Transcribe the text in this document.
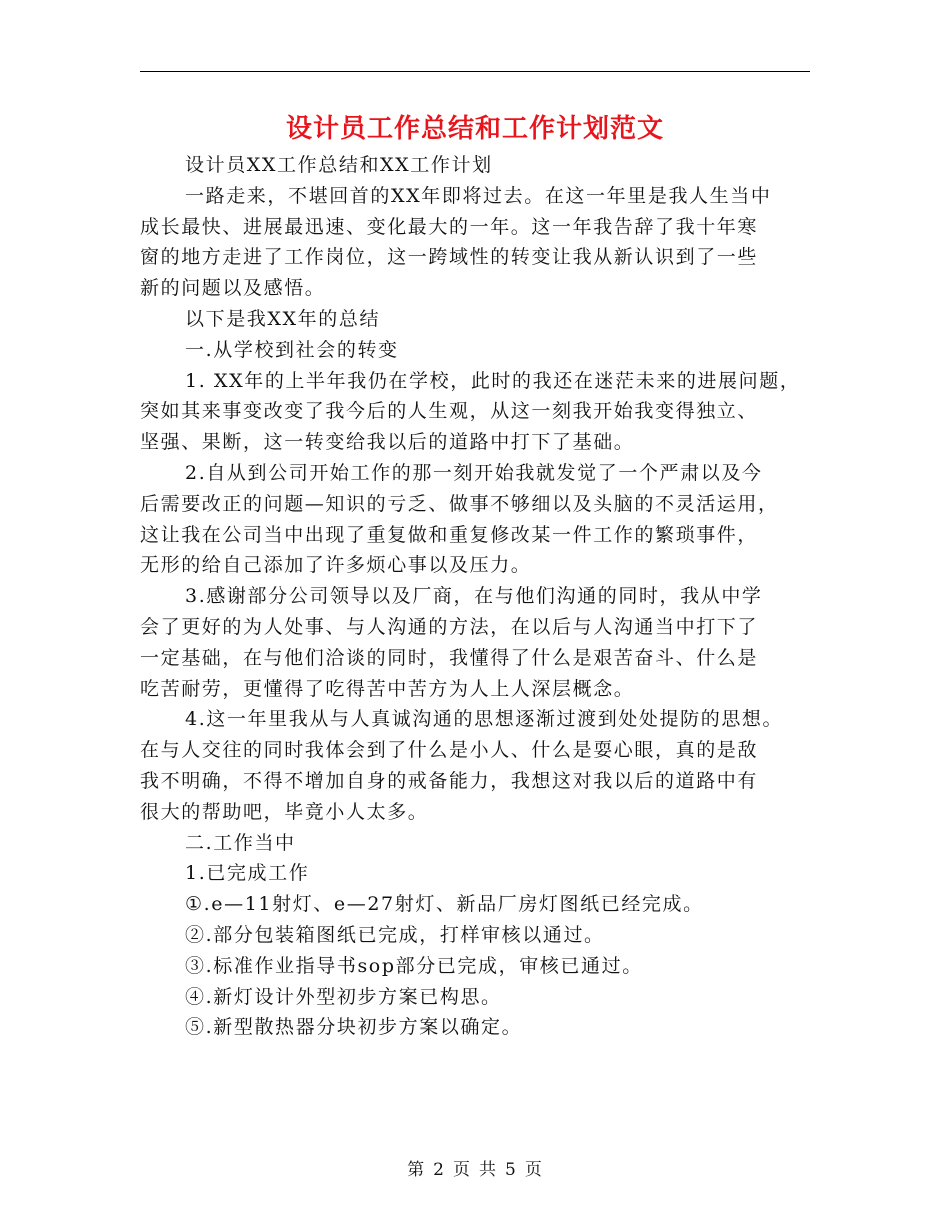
设计员工作总结和工作计划范文
设计员XX工作总结和XX工作计划
一路走来，不堪回首的XX年即将过去。在这一年里是我人生当中
成长最快、进展最迅速、变化最大的一年。这一年我告辞了我十年寒
窗的地方走进了工作岗位，这一跨域性的转变让我从新认识到了一些
新的问题以及感悟。
以下是我XX年的总结
一.从学校到社会的转变
1. XX年的上半年我仍在学校，此时的我还在迷茫未来的进展问题，
突如其来事变改变了我今后的人生观，从这一刻我开始我变得独立、
坚强、果断，这一转变给我以后的道路中打下了基础。
2.自从到公司开始工作的那一刻开始我就发觉了一个严肃以及今
后需要改正的问题—知识的亏乏、做事不够细以及头脑的不灵活运用，
这让我在公司当中出现了重复做和重复修改某一件工作的繁琐事件，
无形的给自己添加了许多烦心事以及压力。
3.感谢部分公司领导以及厂商，在与他们沟通的同时，我从中学
会了更好的为人处事、与人沟通的方法，在以后与人沟通当中打下了
一定基础，在与他们洽谈的同时，我懂得了什么是艰苦奋斗、什么是
吃苦耐劳，更懂得了吃得苦中苦方为人上人深层概念。
4.这一年里我从与人真诚沟通的思想逐渐过渡到处处提防的思想。
在与人交往的同时我体会到了什么是小人、什么是耍心眼，真的是敌
我不明确，不得不增加自身的戒备能力，我想这对我以后的道路中有
很大的帮助吧，毕竟小人太多。
二.工作当中
1.已完成工作
①.e—11射灯、e—27射灯、新品厂房灯图纸已经完成。
②.部分包装箱图纸已完成，打样审核以通过。
③.标准作业指导书sop部分已完成，审核已通过。
④.新灯设计外型初步方案已构思。
⑤.新型散热器分块初步方案以确定。
第 2 页 共 5 页
